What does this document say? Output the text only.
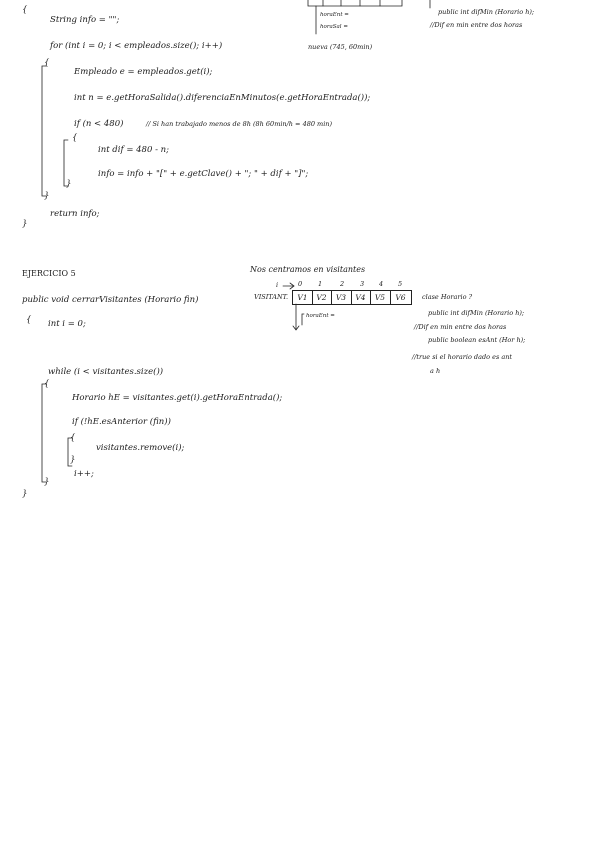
{
String info = "";
for (int i = 0; i < empleados.size(); i++)
{
Empleado e = empleados.get(i);
int n = e.getHoraSalida().diferenciaEnMinutos(e.getHoraEntrada());
if (n < 480)	// Si han trabajado menos de 8h (8h 60min/h = 480 min)
{
int dif = 480 - n;
info = info + "[" + e.getClave() + "; " + dif + "]";
}
}
return info;
}
horaEnt =
horaSal =
public int difMin (Horario h);
//Dif en min entre dos horas
nueva (745, 60min)
EJERCICIO 5	Nos centramos en visitantes
i	0 1	2 3 4 5
VISITANT.	V1	V2	V3	V4	V5	V6
horaEnt =
clase Horario ?
public int difMin (Horario h);
//Dif en min entre dos horas
public boolean esAnt (Hor h);
//true si el horario dado es ant
a h
public void cerrarVisitantes (Horario fin)
{ int i = 0;
while (i < visitantes.size())
{
Horario hE = visitantes.get(i).getHoraEntrada();
if (!hE.esAnterior (fin))
{
visitantes.remove(i);
}
i++;
}
}
